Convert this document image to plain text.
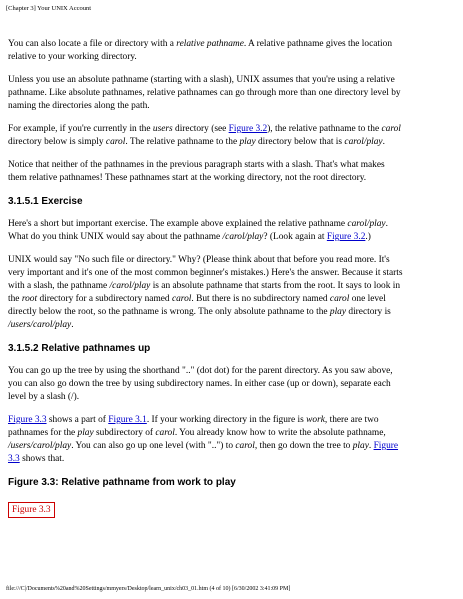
[Chapter 3] Your UNIX Account

You can also locate a file or directory with a relative pathname. A relative pathname gives the location
relative to your working directory.

Unless you use an absolute pathname (starting with a slash), UNIX assumes that you're using a relative
pathname. Like absolute pathnames, relative pathnames can go through more than one directory level by
naming the directories along the path.

For example, if you're currently in the users directory (see Figure 3.2), the relative pathname to the carol
directory below is simply carol. The relative pathname to the play directory below that is carol/play.

Notice that neither of the pathnames in the previous paragraph starts with a slash. That's what makes
them relative pathnames! These pathnames start at the working directory, not the root directory.

3.1.5.1 Exercise

Here's a short but important exercise. The example above explained the relative pathname carol/play.
What do you think UNIX would say about the pathname /carol/play? (Look again at Figure 3.2.)

UNIX would say "No such file or directory." Why? (Please think about that before you read more. It's
very important and it's one of the most common beginner's mistakes.) Here's the answer. Because it starts
with a slash, the pathname /carol/play is an absolute pathname that starts from the root. It says to look in
the root directory for a subdirectory named carol. But there is no subdirectory named carol one level
directly below the root, so the pathname is wrong. The only absolute pathname to the play directory is
/users/carol/play.

3.1.5.2 Relative pathnames up

You can go up the tree by using the shorthand ".." (dot dot) for the parent directory. As you saw above,
you can also go down the tree by using subdirectory names. In either case (up or down), separate each
level by a slash (/).

Figure 3.3 shows a part of Figure 3.1. If your working directory in the figure is work, there are two
pathnames for the play subdirectory of carol. You already know how to write the absolute pathname,
/users/carol/play. You can also go up one level (with "..") to carol, then go down the tree to play. Figure
3.3 shows that.

Figure 3.3: Relative pathname from work to play
Figure 3.3
file:///C|/Documents%20and%20Settings/mmyers/Desktop/learn_unix/ch03_01.htm (4 of 10) [6/30/2002 3:41:09 PM]
